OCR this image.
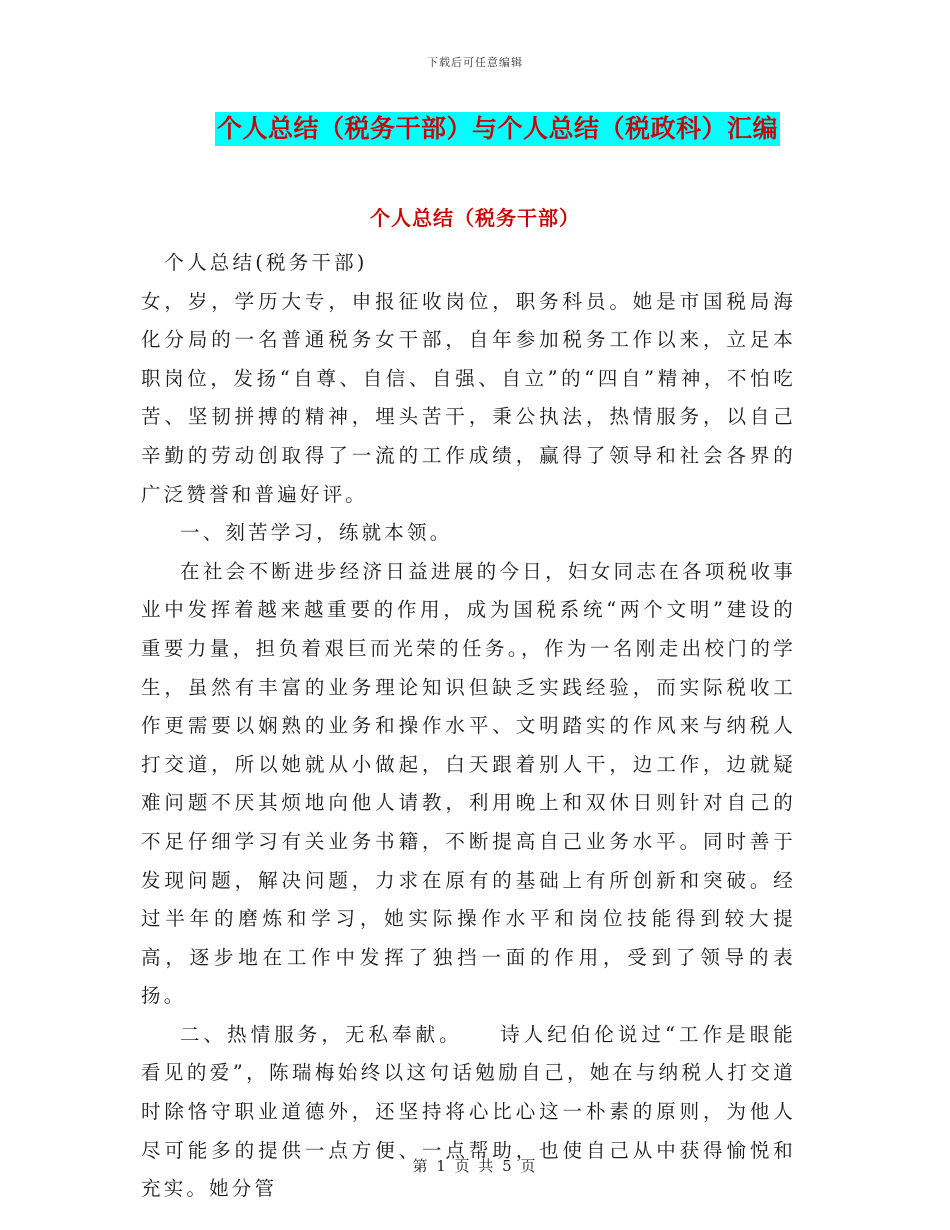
下载后可任意编辑
个人总结（税务干部）与个人总结（税政科）汇编
个人总结（税务干部）

个人总结(税务干部)

女，岁，学历大专，申报征收岗位，职务科员。她是市国税局海化分局的一名普通税务女干部，自年参加税务工作以来，立足本职岗位，发扬“自尊、自信、自强、自立”的“四自”精神，不怕吃苦、坚韧拼搏的精神，埋头苦干，秉公执法，热情服务，以自己辛勤的劳动创取得了一流的工作成绩，赢得了领导和社会各界的广泛赞誉和普遍好评。

一、刻苦学习，练就本领。

在社会不断进步经济日益进展的今日，妇女同志在各项税收事业中发挥着越来越重要的作用，成为国税系统“两个文明”建设的重要力量，担负着艰巨而光荣的任务。，作为一名刚走出校门的学生，虽然有丰富的业务理论知识但缺乏实践经验，而实际税收工作更需要以娴熟的业务和操作水平、文明踏实的作风来与纳税人打交道，所以她就从小做起，白天跟着别人干，边工作，边就疑难问题不厌其烦地向他人请教，利用晚上和双休日则针对自己的不足仔细学习有关业务书籍，不断提高自己业务水平。同时善于发现问题，解决问题，力求在原有的基础上有所创新和突破。经过半年的磨炼和学习，她实际操作水平和岗位技能得到较大提高，逐步地在工作中发挥了独挡一面的作用，受到了领导的表扬。

二、热情服务，无私奉献。　　诗人纪伯伦说过“工作是眼能看见的爱”，陈瑞梅始终以这句话勉励自己，她在与纳税人打交道时除恪守职业道德外，还坚持将心比心这一朴素的原则，为他人尽可能多的提供一点方便、一点帮助，也使自己从中获得愉悦和充实。她分管

第 1 页 共 5 页
